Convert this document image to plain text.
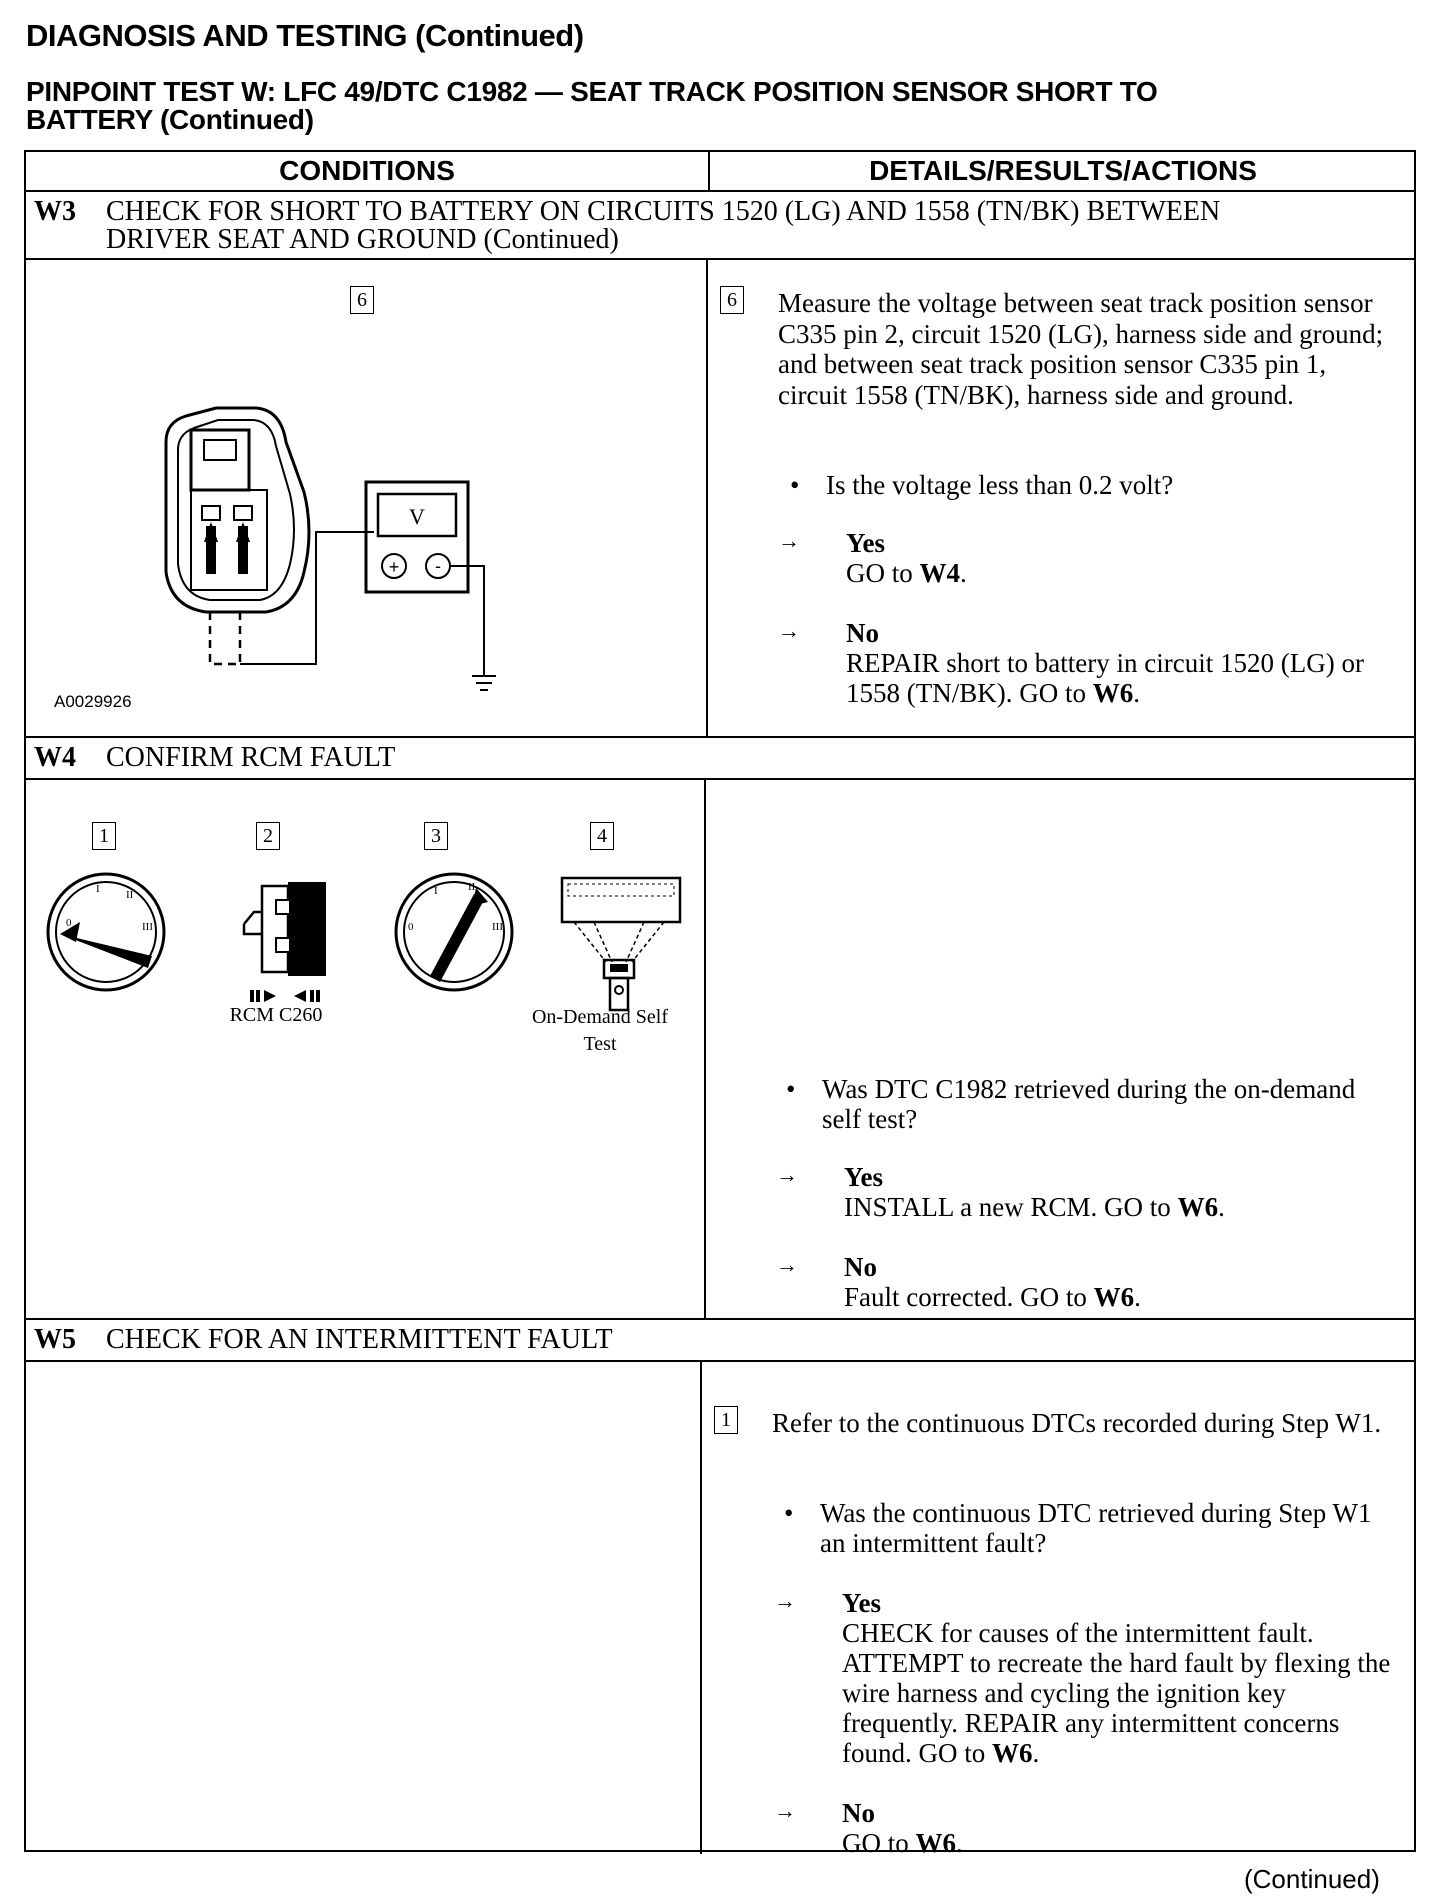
DIAGNOSIS AND TESTING (Continued)
PINPOINT TEST W: LFC 49/DTC C1982 — SEAT TRACK POSITION SENSOR SHORT TO
BATTERY (Continued)
CONDITIONS	DETAILS/RESULTS/ACTIONS
W3 CHECK FOR SHORT TO BATTERY ON CIRCUITS 1520 (LG) AND 1558 (TN/BK) BETWEEN
DRIVER SEAT AND GROUND (Continued)
6
V
+ -
A0029926
6 Measure the voltage between seat track position sensor C335 pin 2, circuit 1520 (LG), harness side and ground; and between seat track position sensor C335 pin 1, circuit 1558 (TN/BK), harness side and ground.
• Is the voltage less than 0.2 volt?
→ Yes
GO to W4.
→ No
REPAIR short to battery in circuit 1520 (LG) or 1558 (TN/BK). GO to W6.
W4 CONFIRM RCM FAULT
1	2	3	4
0
I II
III	0
I	II
III
RCM C260	On-Demand Self Test
• Was DTC C1982 retrieved during the on-demand self test?
→ Yes
INSTALL a new RCM. GO to W6.
→ No
Fault corrected. GO to W6.
W5 CHECK FOR AN INTERMITTENT FAULT
1 Refer to the continuous DTCs recorded during Step W1.
• Was the continuous DTC retrieved during Step W1 an intermittent fault?
→ Yes
CHECK for causes of the intermittent fault. ATTEMPT to recreate the hard fault by flexing the wire harness and cycling the ignition key frequently. REPAIR any intermittent concerns found. GO to W6.
→ No
GO to W6.
(Continued)
